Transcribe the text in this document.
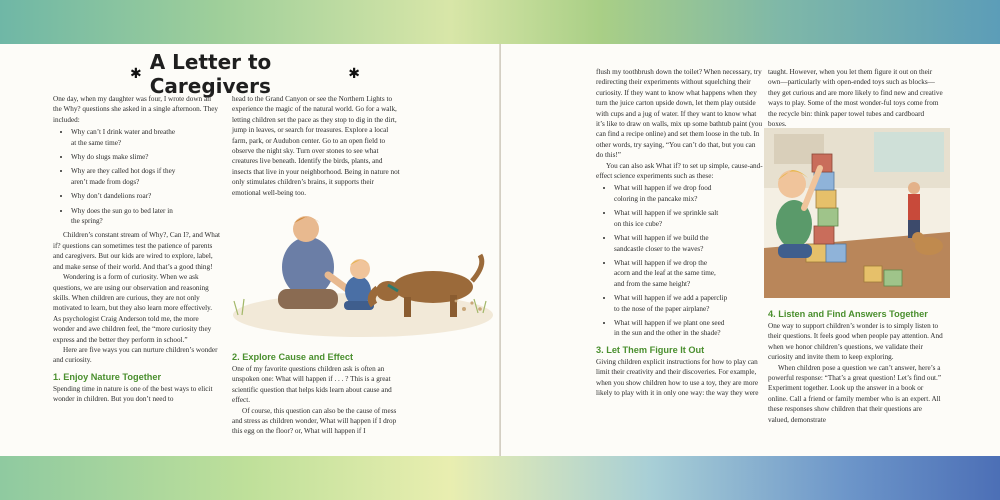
✱ A Letter to Caregivers	✱

One day, when my daughter was four, I wrote down all the Why? questions she asked in a single afternoon. They included:

• Why can’t I drink water and breathe
at the same time?
• Why do slugs make slime?
• Why are they called hot dogs if they
aren’t made from dogs?
• Why don’t dandelions roar?
• Why does the sun go to bed later in
the spring?

Children’s constant stream of Why?, Can I?, and What if? questions can sometimes test the patience of parents and caregivers. But our kids are wired to explore, label, and make sense of their world. And that’s a good thing!

Wondering is a form of curiosity. When we ask questions, we are using our observation and reasoning skills. When children are curious, they are not only motivated to learn, but they also learn more effectively. As psychologist Craig Anderson told me, the more wonder and awe children feel, the “more curiosity they express and the better they perform in school.”

Here are five ways you can nurture children’s wonder and curiosity.

1. Enjoy Nature Together

Spending time in nature is one of the best ways to elicit wonder in children. But you don’t need to

head to the Grand Canyon or see the Northern Lights to experience the magic of the natural world. Go for a walk, letting children set the pace as they stop to dig in the dirt, jump in leaves, or search for treasures. Explore a local farm, park, or Audubon center. Go to an open field to observe the night sky. Turn over stones to see what creatures live beneath. Identify the birds, plants, and insects that live in your neighborhood. Being in nature not only stimulates children’s brains, it supports their emotional well-being too.

2. Explore Cause and Effect

One of my favorite questions children ask is often an unspoken one: What will happen if . . . ? This is a great scientific question that helps kids learn about cause and effect.

Of course, this question can also be the cause of mess and stress as children wonder, What will happen if I drop this egg on the floor? or, What will happen if I

flush my toothbrush down the toilet? When necessary, try redirecting their experiments without squelching their curiosity. If they want to know what happens when they turn the juice carton upside down, let them play outside with cups and a jug of water. If they want to know what it’s like to draw on walls, mix up some bathtub paint (you can find a recipe online) and set them loose in the tub. In other words, try saying, “You can’t do that, but you can do this!”

You can also ask What if? to set up simple, cause-and-effect science experiments such as these:

• What will happen if we drop food
coloring in the pancake mix?
• What will happen if we sprinkle salt
on this ice cube?
• What will happen if we build the
sandcastle closer to the waves?
• What will happen if we drop the
acorn and the leaf at the same time,
and from the same height?
• What will happen if we add a paperclip
to the nose of the paper airplane?
• What will happen if we plant one seed
in the sun and the other in the shade?
3. Let Them Figure It Out

Giving children explicit instructions for how to play can limit their creativity and their discoveries. For example, when you show children how to use a toy, they are more likely to play with it in only one way: the way they were

taught. However, when you let them figure it out on their own—particularly with open-ended toys such as blocks—they get curious and are more likely to find new and creative ways to play. Some of the most wonder-ful toys come from the recycle bin: think paper towel tubes and cardboard boxes.

4. Listen and Find Answers Together

One way to support children’s wonder is to simply listen to their questions. It feels good when people pay attention. And when we honor children’s questions, we validate their curiosity and invite them to keep exploring.

When children pose a question we can’t answer, here’s a powerful response: “That’s a great question! Let’s find out.” Experiment together. Look up the answer in a book or online. Call a friend or family member who is an expert. All these responses show children that their questions are valued, demonstrate
